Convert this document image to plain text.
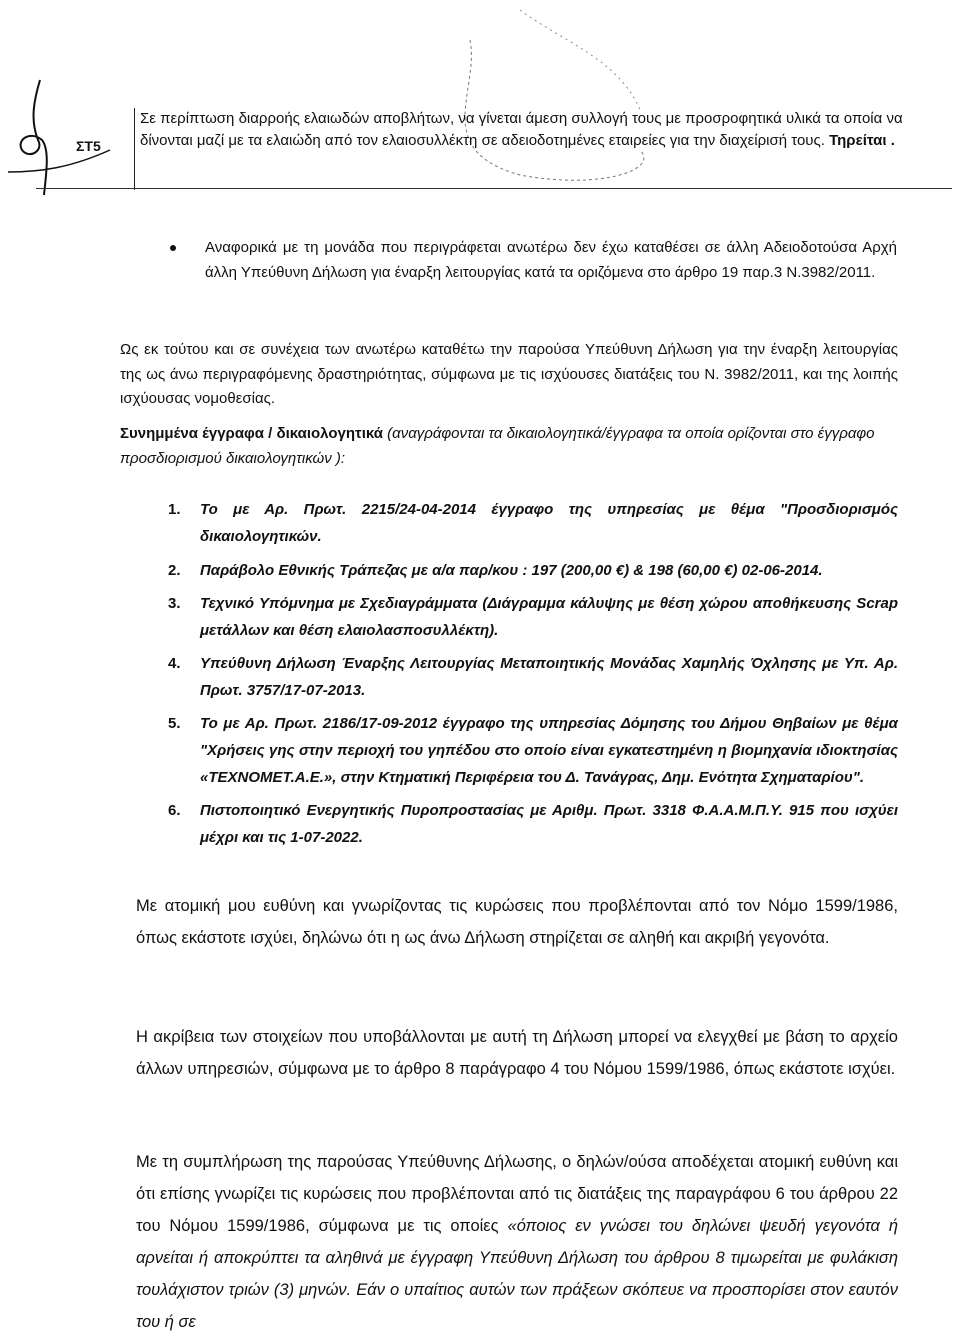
ΣΤ5
Σε περίπτωση διαρροής ελαιωδών αποβλήτων, να γίνεται άμεση συλλογή τους με προσροφητικά υλικά τα οποία να δίνονται μαζί με τα ελαιώδη από τον ελαιοσυλλέκτη σε αδειοδοτημένες εταιρείες για την διαχείρισή τους. Τηρείται .
Αναφορικά με τη μονάδα που περιγράφεται ανωτέρω δεν έχω καταθέσει σε άλλη Αδειοδοτούσα Αρχή άλλη Υπεύθυνη Δήλωση για έναρξη λειτουργίας κατά τα οριζόμενα στο άρθρο 19 παρ.3 Ν.3982/2011.
Ως εκ τούτου και σε συνέχεια των ανωτέρω καταθέτω την παρούσα Υπεύθυνη Δήλωση για την έναρξη λειτουργίας της ως άνω περιγραφόμενης δραστηριότητας, σύμφωνα με τις ισχύουσες διατάξεις του Ν. 3982/2011, και της λοιπής ισχύουσας νομοθεσίας.
Συνημμένα έγγραφα / δικαιολογητικά (αναγράφονται τα δικαιολογητικά/έγγραφα τα οποία ορίζονται στο έγγραφο προσδιορισμού δικαιολογητικών ):
1. Το με Αρ. Πρωτ. 2215/24-04-2014 έγγραφο της υπηρεσίας με θέμα "Προσδιορισμός δικαιολογητικών.
2. Παράβολο Εθνικής Τράπεζας με α/α παρ/κου : 197 (200,00 €) & 198 (60,00 €) 02-06-2014.
3. Τεχνικό Υπόμνημα με Σχεδιαγράμματα (Διάγραμμα κάλυψης με θέση χώρου αποθήκευσης Scrap μετάλλων και θέση ελαιολασποσυλλέκτη).
4. Υπεύθυνη Δήλωση Έναρξης Λειτουργίας Μεταποιητικής Μονάδας Χαμηλής Όχλησης με Υπ. Αρ. Πρωτ. 3757/17-07-2013.
5. Το με Αρ. Πρωτ. 2186/17-09-2012 έγγραφο της υπηρεσίας Δόμησης του Δήμου Θηβαίων με θέμα "Χρήσεις γης στην περιοχή του γηπέδου στο οποίο είναι εγκατεστημένη η βιομηχανία ιδιοκτησίας «ΤΕΧΝΟΜΕΤ.Α.Ε.», στην Κτηματική Περιφέρεια του Δ. Τανάγρας, Δημ. Ενότητα Σχηματαρίου".
6. Πιστοποιητικό Ενεργητικής Πυροπροστασίας με Αριθμ. Πρωτ. 3318 Φ.Α.Α.Μ.Π.Υ. 915 που ισχύει μέχρι και τις 1-07-2022.
Με ατομική μου ευθύνη και γνωρίζοντας τις κυρώσεις που προβλέπονται από τον Νόμο 1599/1986, όπως εκάστοτε ισχύει, δηλώνω ότι η ως άνω Δήλωση στηρίζεται σε αληθή και ακριβή γεγονότα.
Η ακρίβεια των στοιχείων που υποβάλλονται με αυτή τη Δήλωση μπορεί να ελεγχθεί με βάση το αρχείο άλλων υπηρεσιών, σύμφωνα με το άρθρο 8 παράγραφο 4 του Νόμου 1599/1986, όπως εκάστοτε ισχύει.
Με τη συμπλήρωση της παρούσας Υπεύθυνης Δήλωσης, ο δηλών/ούσα αποδέχεται ατομική ευθύνη και ότι επίσης γνωρίζει τις κυρώσεις που προβλέπονται από τις διατάξεις της παραγράφου 6 του άρθρου 22 του Νόμου 1599/1986, σύμφωνα με τις οποίες «όποιος εν γνώσει του δηλώνει ψευδή γεγονότα ή αρνείται ή αποκρύπτει τα αληθινά με έγγραφη Υπεύθυνη Δήλωση του άρθρου 8 τιμωρείται με φυλάκιση τουλάχιστον τριών (3) μηνών. Εάν ο υπαίτιος αυτών των πράξεων σκόπευε να προσπορίσει στον εαυτόν του ή σε
